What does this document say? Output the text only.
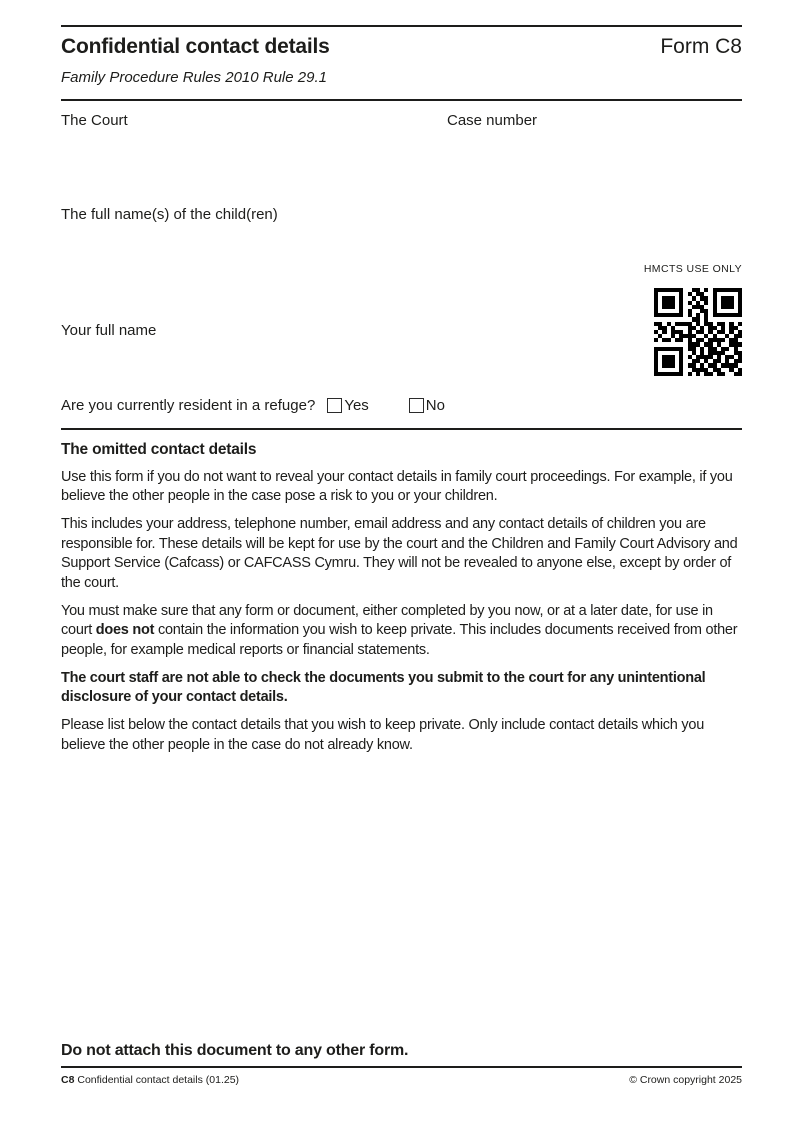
Confidential contact details	Form C8
Family Procedure Rules 2010 Rule 29.1
The Court	Case number
The full name(s) of the child(ren)
HMCTS USE ONLY
Your full name
Are you currently resident in a refuge? Yes	No
The omitted contact details

Use this form if you do not want to reveal your contact details in family court proceedings. For example, if you believe the other people in the case pose a risk to you or your children.

This includes your address, telephone number, email address and any contact details of children you are responsible for. These details will be kept for use by the court and the Children and Family Court Advisory and Support Service (Cafcass) or CAFCASS Cymru. They will not be revealed to anyone else, except by order of the court.

You must make sure that any form or document, either completed by you now, or at a later date, for use in court does not contain the information you wish to keep private. This includes documents received from other people, for example medical reports or financial statements.

The court staff are not able to check the documents you submit to the court for any unintentional disclosure of your contact details.

Please list below the contact details that you wish to keep private. Only include contact details which you believe the other people in the case do not already know.

Do not attach this document to any other form.
C8 Confidential contact details (01.25)	© Crown copyright 2025
